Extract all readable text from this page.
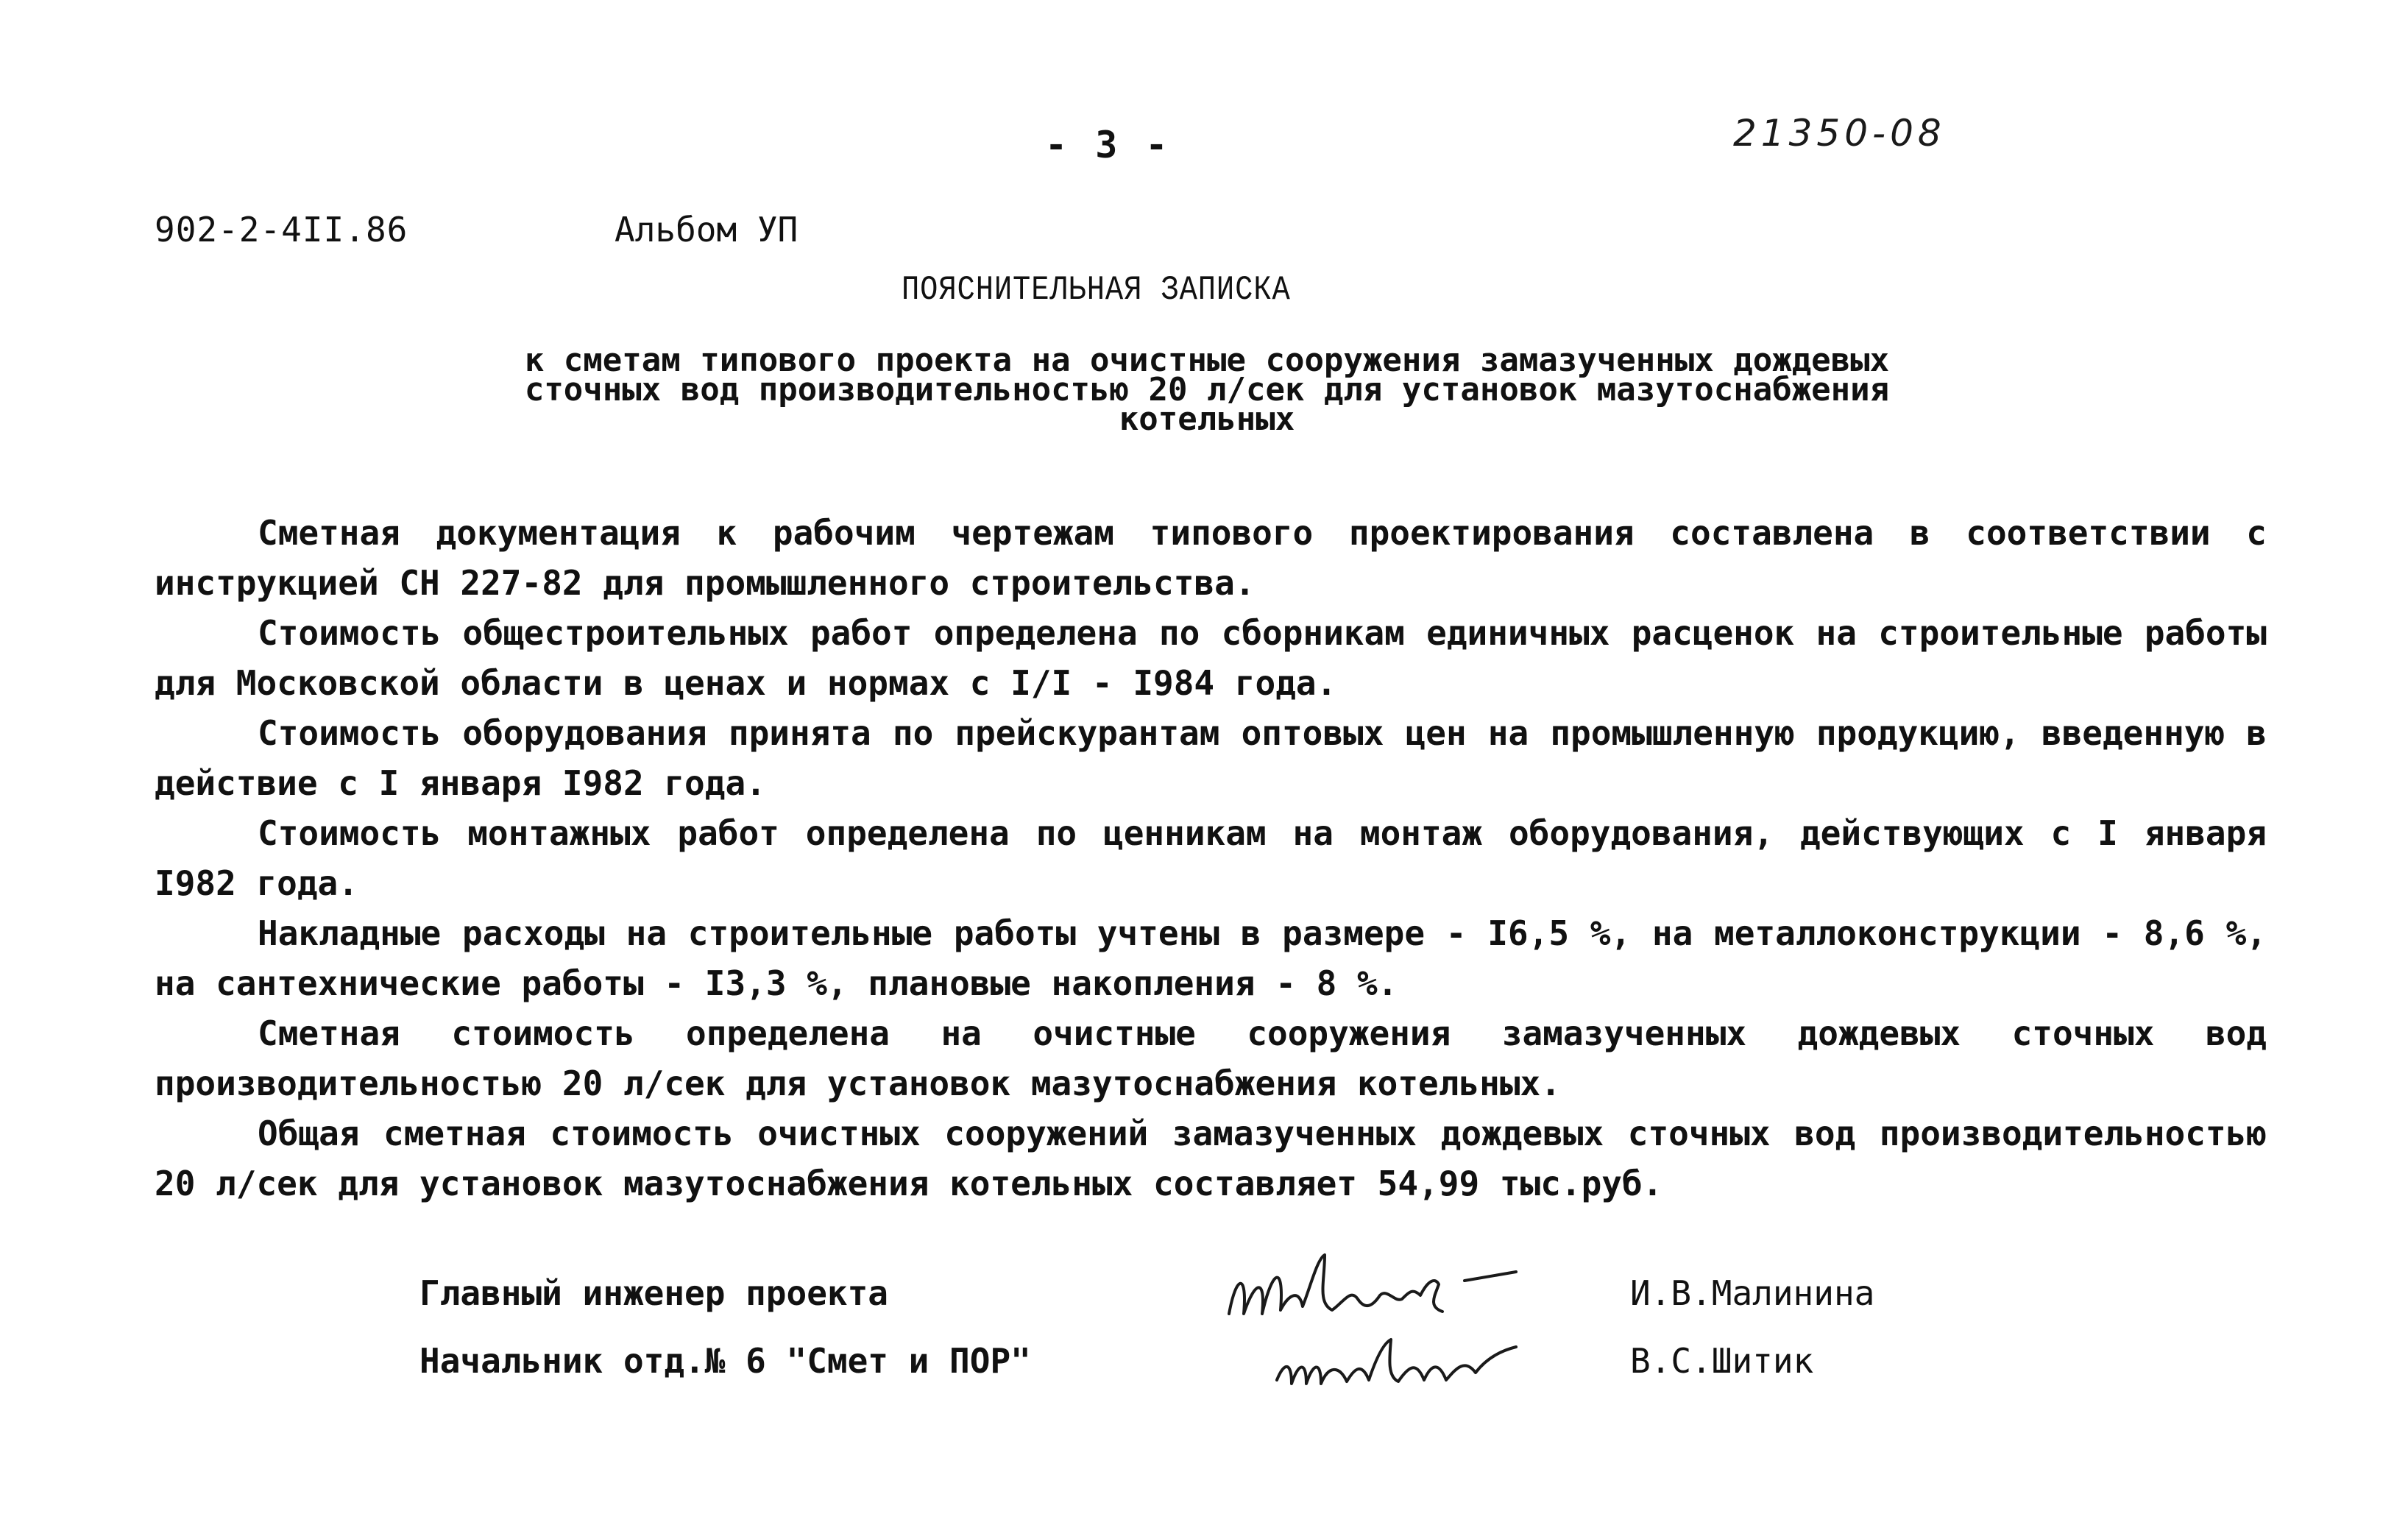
- 3 -	21350-08
902-2-4II.86	Альбом УП
ПОЯСНИТЕЛЬНАЯ ЗАПИСКА
к сметам типового проекта на очистные сооружения замазученных дождевых
сточных вод производительностью 20 л/сек для установок мазутоснабжения
котельных

Сметная документация к рабочим чертежам типового проектирования составлена в соответствии с инструкцией СН 227-82 для промышленного строительства.

Стоимость общестроительных работ определена по сборникам единичных расценок на строительные работы для Московской области в ценах и нормах с I/I - I984 года.

Стоимость оборудования принята по прейскурантам оптовых цен на промышленную продукцию, введенную в действие с I января I982 года.

Стоимость монтажных работ определена по ценникам на монтаж оборудования, действующих с I января I982 года.

Накладные расходы на строительные работы учтены в размере - I6,5 %, на металлоконструкции - 8,6 %, на сантехнические работы - I3,3 %, плановые накопления - 8 %.

Сметная стоимость определена на очистные сооружения замазученных дождевых сточных вод производительностью 20 л/сек для установок мазутоснабжения котельных.

Общая сметная стоимость очистных сооружений замазученных дождевых сточных вод производительностью 20 л/сек для установок мазутоснабжения котельных составляет 54,99 тыс.руб.

Главный инженер проекта	И.В.Малинина
Начальник отд.№ 6 "Смет и ПОР"	В.С.Шитик
